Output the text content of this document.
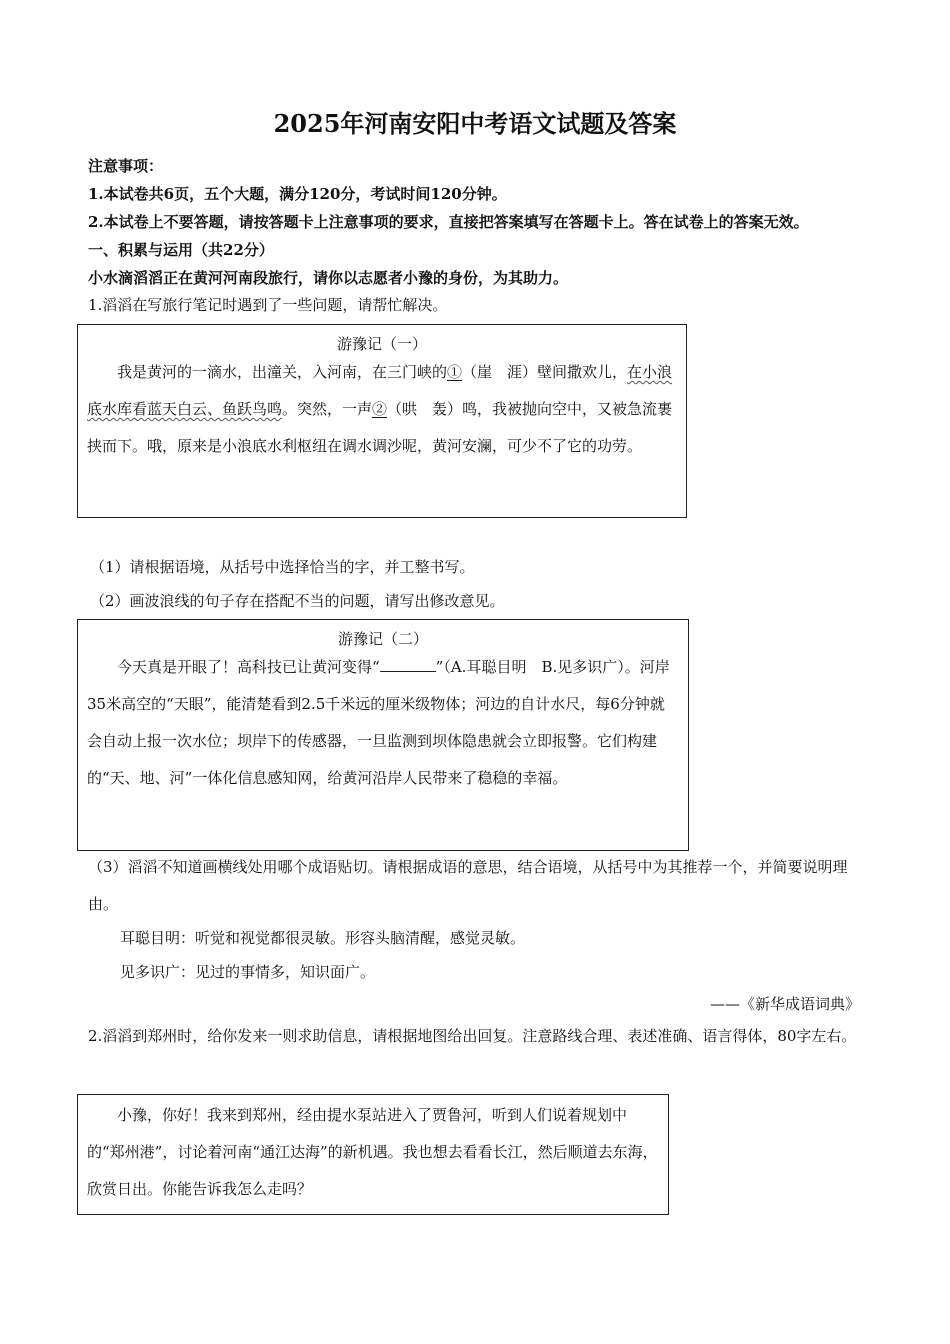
2025年河南安阳中考语文试题及答案
注意事项：
1.本试卷共6页，五个大题，满分120分，考试时间120分钟。
2.本试卷上不要答题，请按答题卡上注意事项的要求，直接把答案填写在答题卡上。答在试卷上的答案无效。
一、积累与运用（共22分）
小水滴滔滔正在黄河河南段旅行，请你以志愿者小豫的身份，为其助力。
1.滔滔在写旅行笔记时遇到了一些问题，请帮忙解决。
游豫记（一）
我是黄河的一滴水，出潼关，入河南，在三门峡的①（崖　涯）壁间撒欢儿，在小浪底水库看蓝天白云、鱼跃鸟鸣。突然，一声②（哄　轰）鸣，我被抛向空中，又被急流裹挟而下。哦，原来是小浪底水利枢纽在调水调沙呢，黄河安澜，可少不了它的功劳。
（1）请根据语境，从括号中选择恰当的字，并工整书写。
（2）画波浪线的句子存在搭配不当的问题，请写出修改意见。
游豫记（二）
今天真是开眼了！高科技已让黄河变得“	”（A.耳聪目明　B.见多识广）。河岸35米高空的“天眼”，能清楚看到2.5千米远的厘米级物体；河边的自计水尺，每6分钟就会自动上报一次水位；坝岸下的传感器，一旦监测到坝体隐患就会立即报警。它们构建的“天、地、河”一体化信息感知网，给黄河沿岸人民带来了稳稳的幸福。
（3）滔滔不知道画横线处用哪个成语贴切。请根据成语的意思，结合语境，从括号中为其推荐一个，并简要说明理由。
耳聪目明：听觉和视觉都很灵敏。形容头脑清醒，感觉灵敏。
见多识广：见过的事情多，知识面广。
——《新华成语词典》
2.滔滔到郑州时，给你发来一则求助信息，请根据地图给出回复。注意路线合理、表述准确、语言得体，80字左右。
小豫，你好！我来到郑州，经由提水泵站进入了贾鲁河，听到人们说着规划中的“郑州港”，讨论着河南“通江达海”的新机遇。我也想去看看长江，然后顺道去东海，欣赏日出。你能告诉我怎么走吗？
